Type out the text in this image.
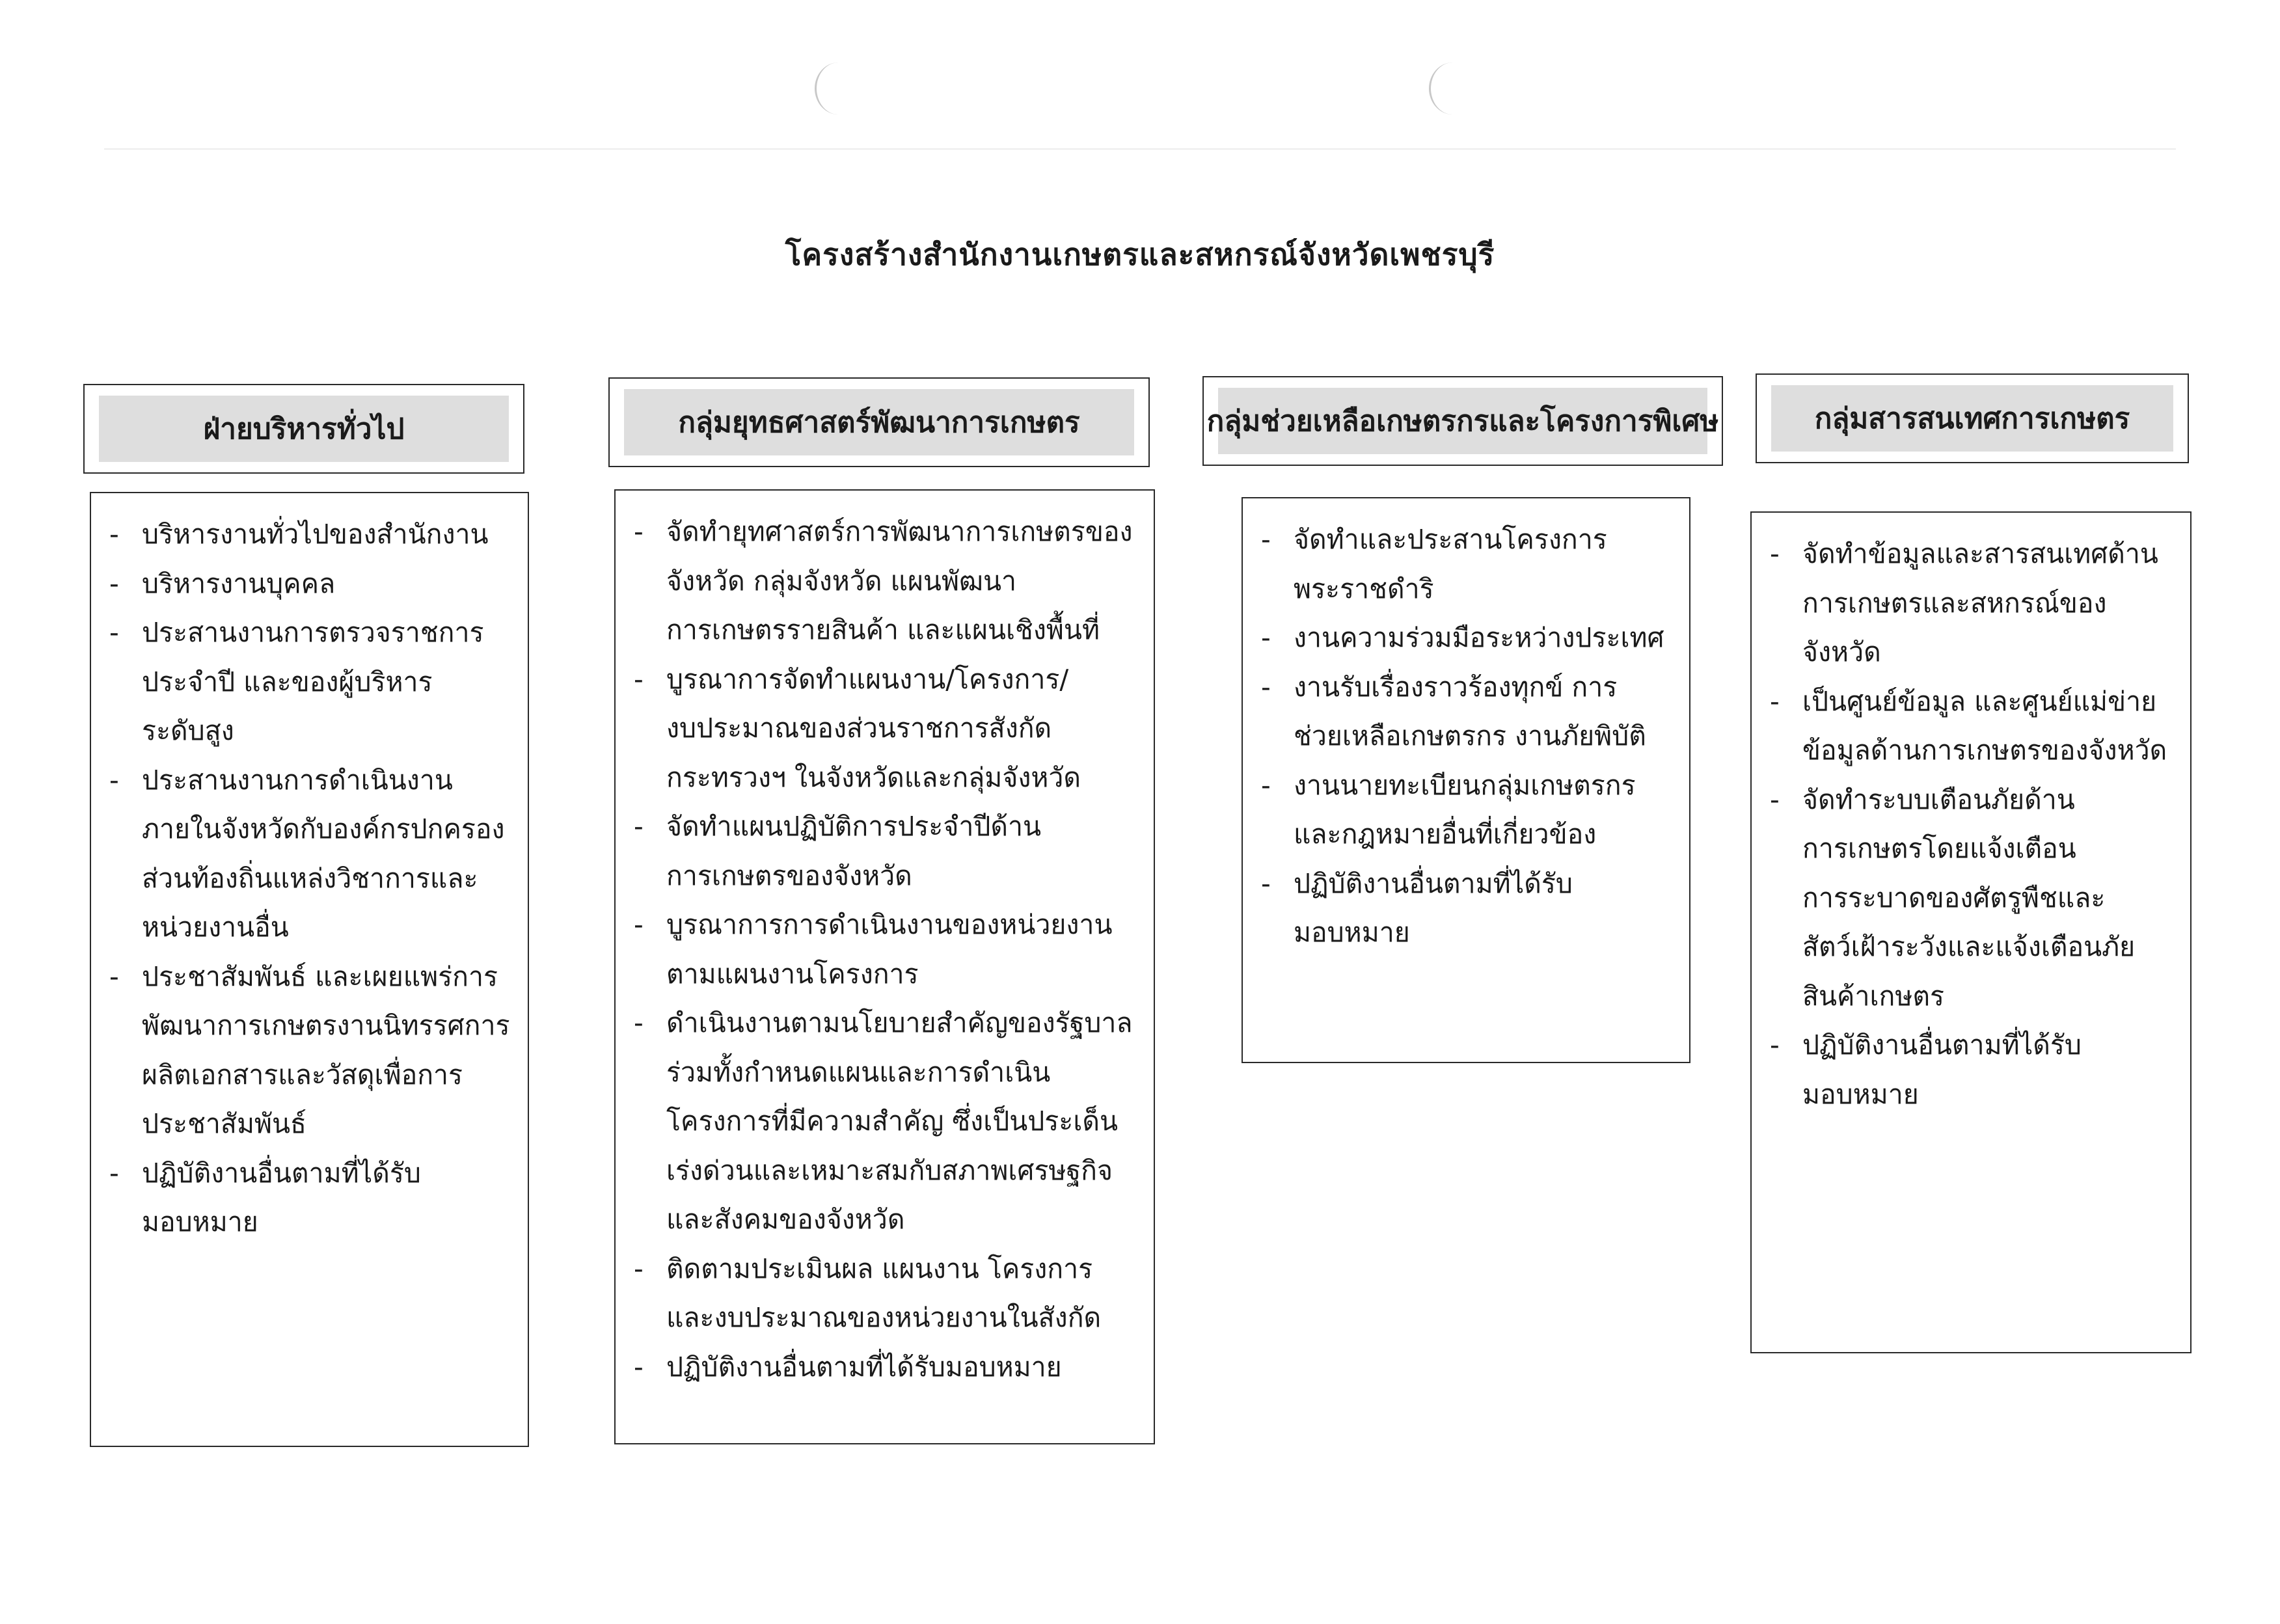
โครงสร้างสำนักงานเกษตรและสหกรณ์จังหวัดเพชรบุรี
ฝ่ายบริหารทั่วไป	กลุ่มยุทธศาสตร์พัฒนาการเกษตร	กลุ่มช่วยเหลือเกษตรกรและโครงการพิเศษ	กลุ่มสารสนเทศการเกษตร
- บริหารงานทั่วไปของสำนักงาน
- บริหารงานบุคคล
- ประสานงานการตรวจราชการ
ประจำปี และของผู้บริหาร
ระดับสูง
- ประสานงานการดำเนินงาน
ภายในจังหวัดกับองค์กรปกครอง
ส่วนท้องถิ่นแหล่งวิชาการและ
หน่วยงานอื่น
- ประชาสัมพันธ์ และเผยแพร่การ
พัฒนาการเกษตรงานนิทรรศการ
ผลิตเอกสารและวัสดุเพื่อการ
ประชาสัมพันธ์
- ปฏิบัติงานอื่นตามที่ได้รับ
มอบหมาย
- จัดทำยุทศาสตร์การพัฒนาการเกษตรของ
จังหวัด กลุ่มจังหวัด แผนพัฒนา
การเกษตรรายสินค้า และแผนเชิงพื้นที่
- บูรณาการจัดทำแผนงาน/โครงการ/
งบประมาณของส่วนราชการสังกัด
กระทรวงฯ ในจังหวัดและกลุ่มจังหวัด
- จัดทำแผนปฏิบัติการประจำปีด้าน
การเกษตรของจังหวัด
- บูรณาการการดำเนินงานของหน่วยงาน
ตามแผนงานโครงการ
- ดำเนินงานตามนโยบายสำคัญของรัฐบาล
ร่วมทั้งกำหนดแผนและการดำเนิน
โครงการที่มีความสำคัญ ซึ่งเป็นประเด็น
เร่งด่วนและเหมาะสมกับสภาพเศรษฐกิจ
และสังคมของจังหวัด
- ติดตามประเมินผล แผนงาน โครงการ
และงบประมาณของหน่วยงานในสังกัด
- ปฏิบัติงานอื่นตามที่ได้รับมอบหมาย
- จัดทำและประสานโครงการ
พระราชดำริ
- งานความร่วมมือระหว่างประเทศ
- งานรับเรื่องราวร้องทุกข์ การ
ช่วยเหลือเกษตรกร งานภัยพิบัติ
- งานนายทะเบียนกลุ่มเกษตรกร
และกฎหมายอื่นที่เกี่ยวข้อง
- ปฏิบัติงานอื่นตามที่ได้รับ
มอบหมาย
- จัดทำข้อมูลและสารสนเทศด้าน
การเกษตรและสหกรณ์ของ
จังหวัด
- เป็นศูนย์ข้อมูล และศูนย์แม่ข่าย
ข้อมูลด้านการเกษตรของจังหวัด
- จัดทำระบบเตือนภัยด้าน
การเกษตรโดยแจ้งเตือน
การระบาดของศัตรูพืชและ
สัตว์เฝ้าระวังและแจ้งเตือนภัย
สินค้าเกษตร
- ปฏิบัติงานอื่นตามที่ได้รับ
มอบหมาย
